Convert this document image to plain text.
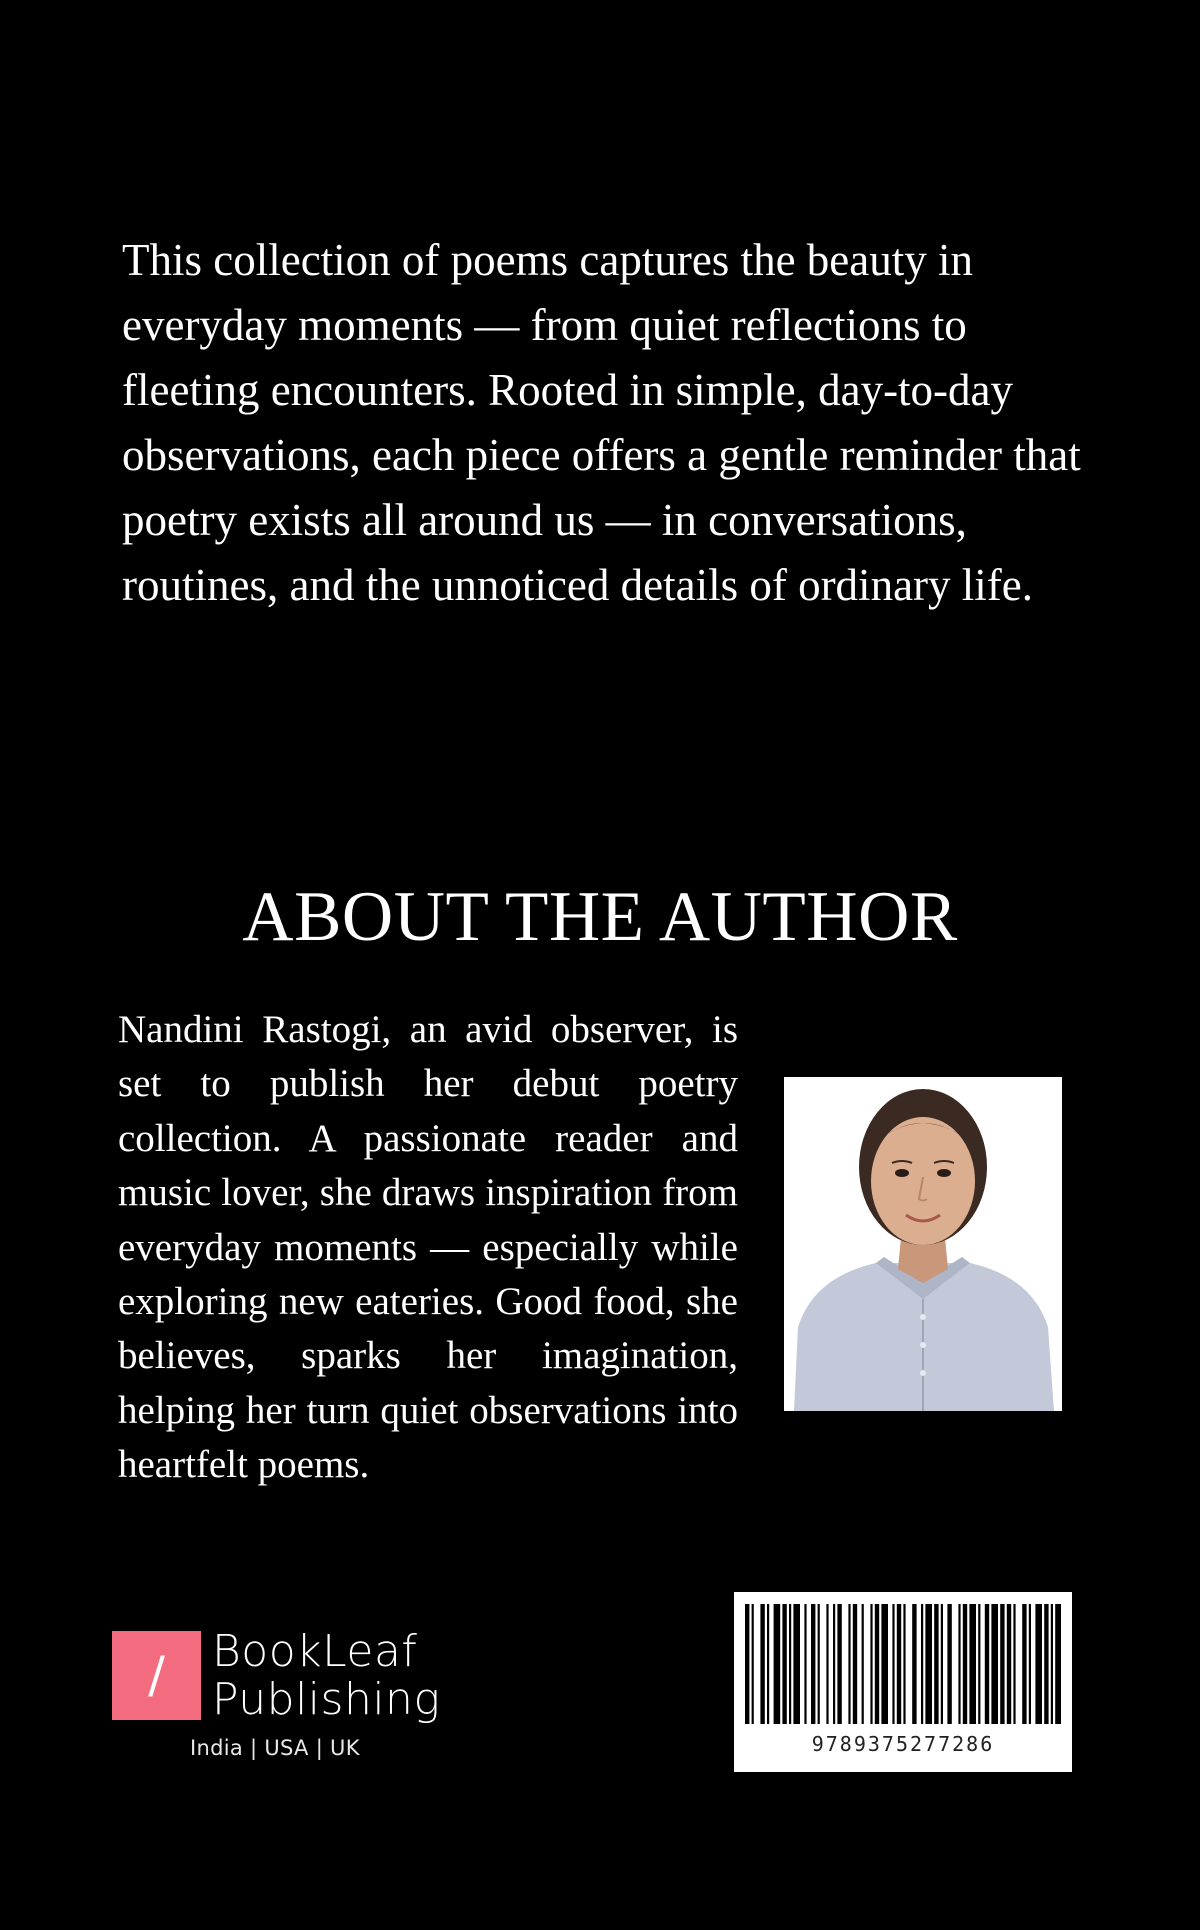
This collection of poems captures the beauty in everyday moments — from quiet reflections to fleeting encounters. Rooted in simple, day-to-day observations, each piece offers a gentle reminder that poetry exists all around us — in conversations, routines, and the unnoticed details of ordinary life.

ABOUT THE AUTHOR

Nandini Rastogi, an avid observer, is set to publish her debut poetry collection. A passionate reader and music lover, she draws inspiration from everyday moments — especially while exploring new eateries. Good food, she believes, sparks her imagination, helping her turn quiet observations into heartfelt poems.

/	BookLeaf
Publishing
India | USA | UK	9789375277286
